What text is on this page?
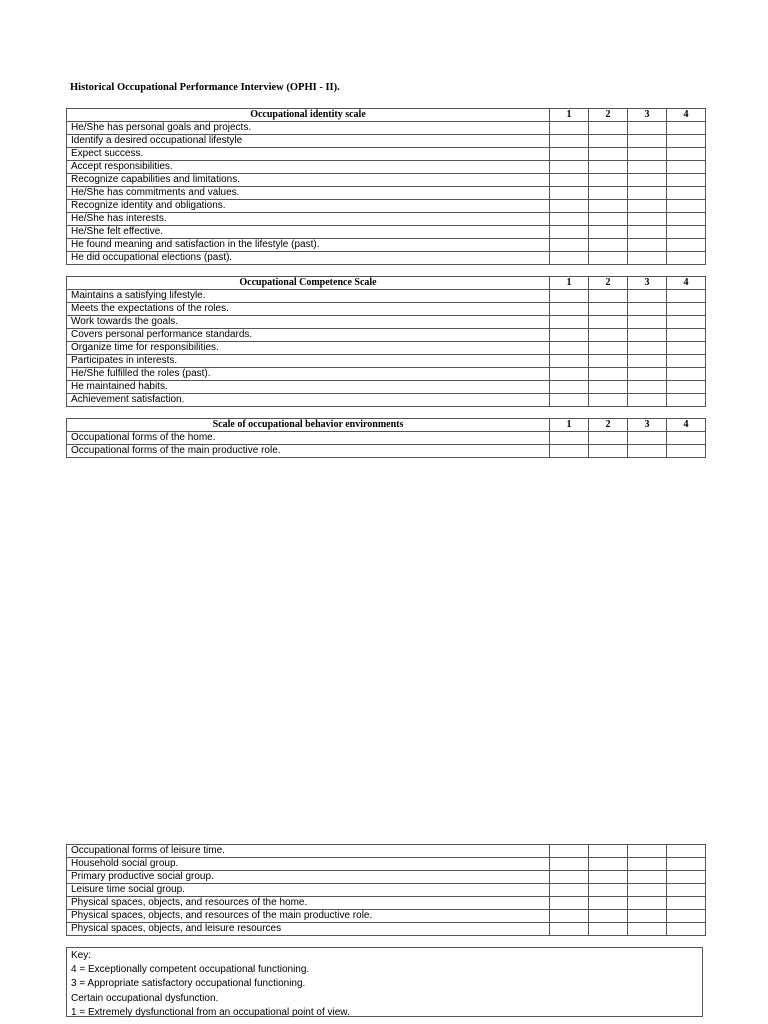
Historical Occupational Performance Interview (OPHI - II).
Occupational identity scale	1	2	3	4
He/She has personal goals and projects.				
Identify a desired occupational lifestyle				
Expect success.				
Accept responsibilities.				
Recognize capabilities and limitations.				
He/She has commitments and values.				
Recognize identity and obligations.				
He/She has interests.				
He/She felt effective.				
He found meaning and satisfaction in the lifestyle (past).				
He did occupational elections (past).				
Occupational Competence Scale	1	2	3	4
Maintains a satisfying lifestyle.				
Meets the expectations of the roles.				
Work towards the goals.				
Covers personal performance standards.				
Organize time for responsibilities.				
Participates in interests.				
He/She fulfilled the roles (past).				
He maintained habits.				
Achievement satisfaction.				
Scale of occupational behavior environments	1	2	3	4
Occupational forms of the home.				
Occupational forms of the main productive role.				
Occupational forms of leisure time.				
Household social group.				
Primary productive social group.				
Leisure time social group.				
Physical spaces, objects, and resources of the home.				
Physical spaces, objects, and resources of the main productive role.				
Physical spaces, objects, and leisure resources				
Key:
4 = Exceptionally competent occupational functioning.
3 = Appropriate satisfactory occupational functioning.
Certain occupational dysfunction.
1 = Extremely dysfunctional from an occupational point of view.
